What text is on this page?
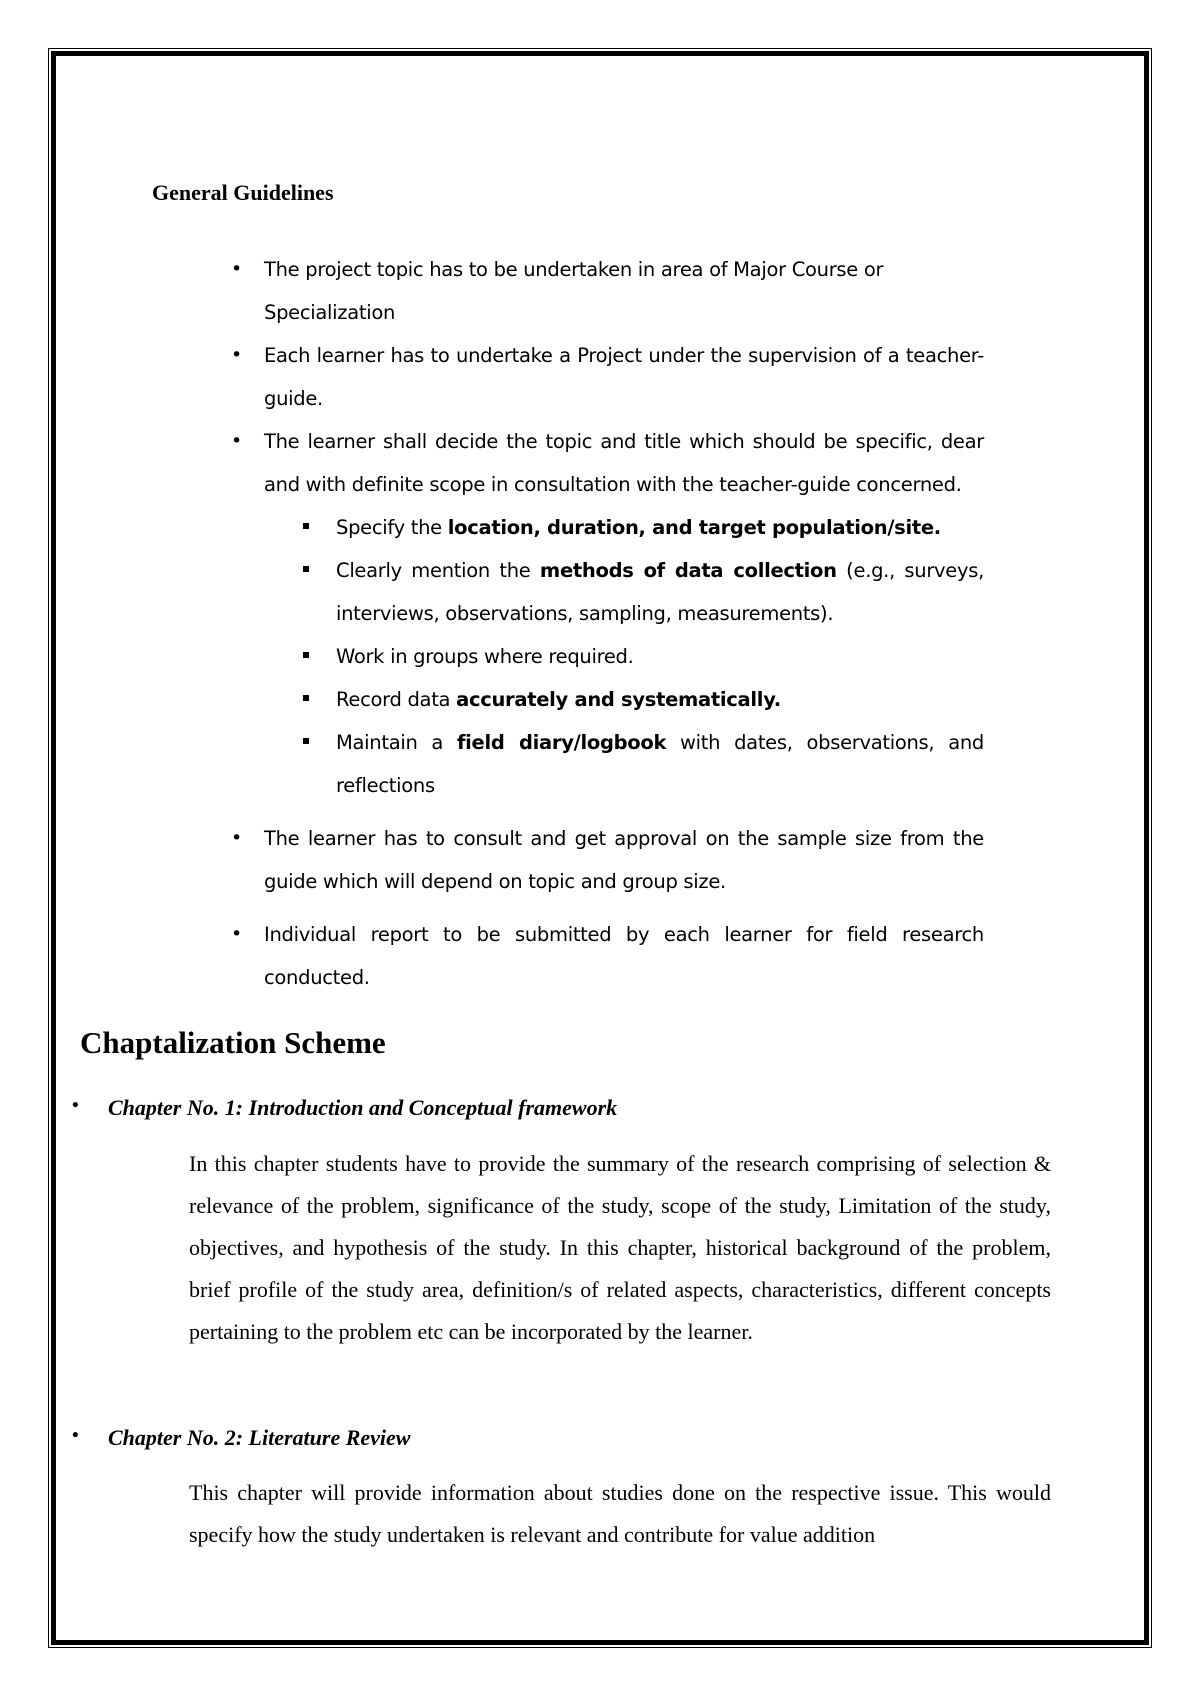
General Guidelines
• The project topic has to be undertaken in area of Major Course or Specialization
• Each learner has to undertake a Project under the supervision of a teacher-guide.
• The learner shall decide the topic and title which should be specific, dear and with definite scope in consultation with the teacher-guide concerned.
Specify the location, duration, and target population/site.
Clearly mention the methods of data collection (e.g., surveys, interviews, observations, sampling, measurements).
Work in groups where required.
Record data accurately and systematically.
Maintain a field diary/logbook with dates, observations, and reflections
• The learner has to consult and get approval on the sample size from the guide which will depend on topic and group size.
• Individual report to be submitted by each learner for field research conducted.
Chaptalization Scheme
• Chapter No. 1: Introduction and Conceptual framework

In this chapter students have to provide the summary of the research comprising of selection & relevance of the problem, significance of the study, scope of the study, Limitation of the study, objectives, and hypothesis of the study. In this chapter, historical background of the problem, brief profile of the study area, definition/s of related aspects, characteristics, different concepts pertaining to the problem etc can be incorporated by the learner.

• Chapter No. 2: Literature Review

This chapter will provide information about studies done on the respective issue. This would specify how the study undertaken is relevant and contribute for value addition
